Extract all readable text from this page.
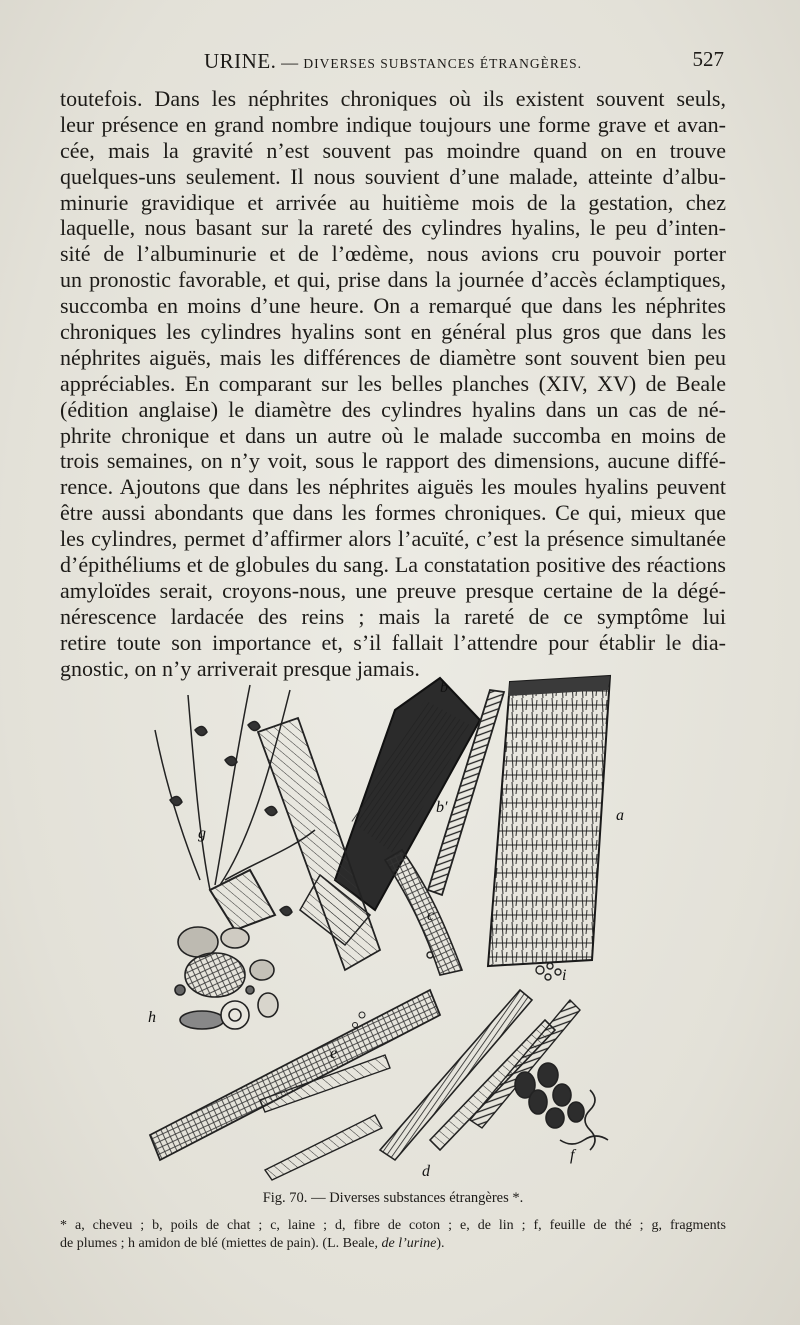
URINE. — DIVERSES SUBSTANCES ÉTRANGÈRES.	527
toutefois. Dans les néphrites chroniques où ils existent souvent seuls,
leur présence en grand nombre indique toujours une forme grave et avan-
cée, mais la gravité n’est souvent pas moindre quand on en trouve
quelques-uns seulement. Il nous souvient d’une malade, atteinte d’albu-
minurie gravidique et arrivée au huitième mois de la gestation, chez
laquelle, nous basant sur la rareté des cylindres hyalins, le peu d’inten-
sité de l’albuminurie et de l’œdème, nous avions cru pouvoir porter
un pronostic favorable, et qui, prise dans la journée d’accès éclamptiques,
succomba en moins d’une heure. On a remarqué que dans les néphrites
chroniques les cylindres hyalins sont en général plus gros que dans les
néphrites aiguës, mais les différences de diamètre sont souvent bien peu
appréciables. En comparant sur les belles planches (XIV, XV) de Beale
(édition anglaise) le diamètre des cylindres hyalins dans un cas de né-
phrite chronique et dans un autre où le malade succomba en moins de
trois semaines, on n’y voit, sous le rapport des dimensions, aucune diffé-
rence. Ajoutons que dans les néphrites aiguës les moules hyalins peuvent
être aussi abondants que dans les formes chroniques. Ce qui, mieux que
les cylindres, permet d’affirmer alors l’acuïté, c’est la présence simultanée
d’épithéliums et de globules du sang. La constatation positive des réactions
amyloïdes serait, croyons-nous, une preuve presque certaine de la dégé-
nérescence lardacée des reins ; mais la rareté de ce symptôme lui
retire toute son importance et, s’il fallait l’attendre pour établir le dia-
gnostic, on n’y arriverait presque jamais.
a
b
b′
c
d
e
f
g
h
i
Fig. 70. — Diverses substances étrangères *.
* a, cheveu ; b, poils de chat ; c, laine ; d, fibre de coton ; e, de lin ; f, feuille de thé ; g, fragments
de plumes ; h amidon de blé (miettes de pain). (L. Beale, de l’urine).
